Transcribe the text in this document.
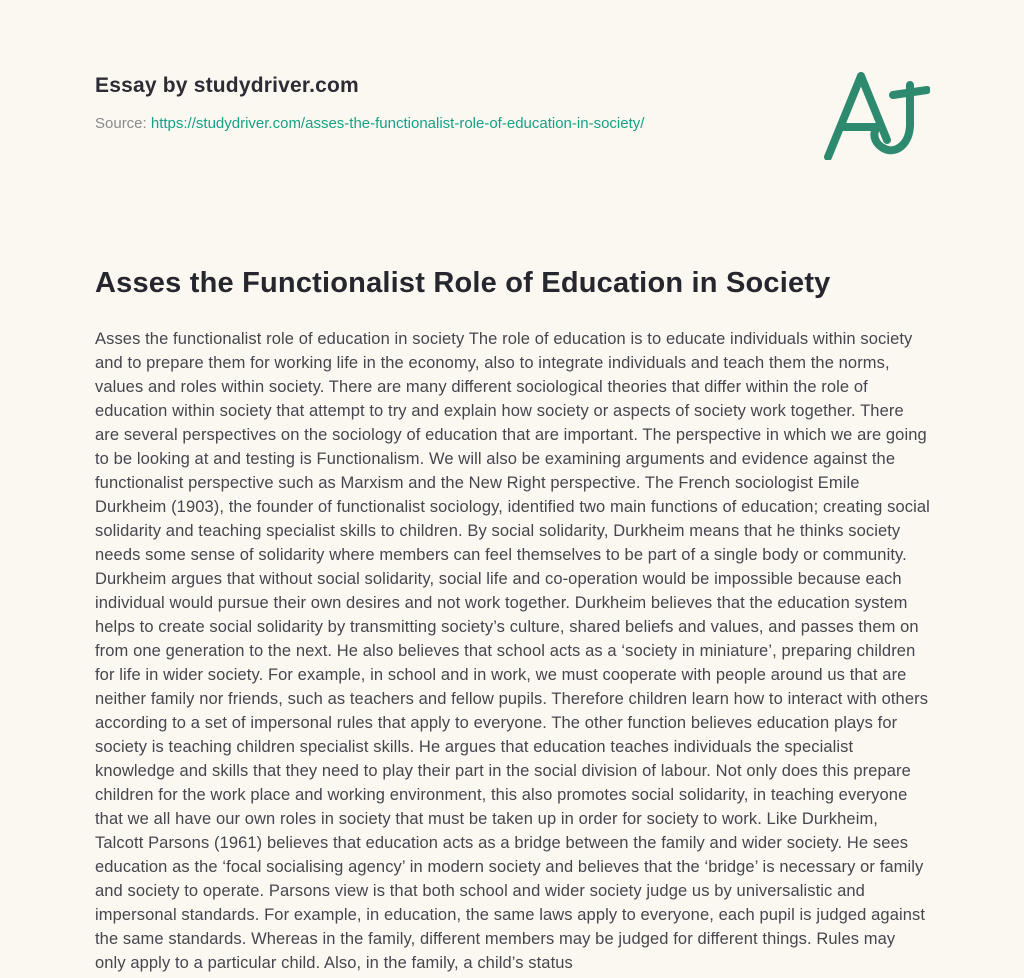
Essay by studydriver.com
Source: https://studydriver.com/asses-the-functionalist-role-of-education-in-society/
Asses the Functionalist Role of Education in Society

Asses the functionalist role of education in society The role of education is to educate individuals within society and to prepare them for working life in the economy, also to integrate individuals and teach them the norms, values and roles within society. There are many different sociological theories that differ within the role of education within society that attempt to try and explain how society or aspects of society work together. There are several perspectives on the sociology of education that are important. The perspective in which we are going to be looking at and testing is Functionalism. We will also be examining arguments and evidence against the functionalist perspective such as Marxism and the New Right perspective. The French sociologist Emile Durkheim (1903), the founder of functionalist sociology, identified two main functions of education; creating social solidarity and teaching specialist skills to children. By social solidarity, Durkheim means that he thinks society needs some sense of solidarity where members can feel themselves to be part of a single body or community. Durkheim argues that without social solidarity, social life and co-operation would be impossible because each individual would pursue their own desires and not work together. Durkheim believes that the education system helps to create social solidarity by transmitting society’s culture, shared beliefs and values, and passes them on from one generation to the next. He also believes that school acts as a ‘society in miniature’, preparing children for life in wider society. For example, in school and in work, we must cooperate with people around us that are neither family nor friends, such as teachers and fellow pupils. Therefore children learn how to interact with others according to a set of impersonal rules that apply to everyone. The other function believes education plays for society is teaching children specialist skills. He argues that education teaches individuals the specialist knowledge and skills that they need to play their part in the social division of labour. Not only does this prepare children for the work place and working environment, this also promotes social solidarity, in teaching everyone that we all have our own roles in society that must be taken up in order for society to work. Like Durkheim, Talcott Parsons (1961) believes that education acts as a bridge between the family and wider society. He sees education as the ‘focal socialising agency’ in modern society and believes that the ‘bridge’ is necessary or family and society to operate. Parsons view is that both school and wider society judge us by universalistic and impersonal standards. For example, in education, the same laws apply to everyone, each pupil is judged against the same standards. Whereas in the family, different members may be judged for different things. Rules may only apply to a particular child. Also, in the family, a child’s status
